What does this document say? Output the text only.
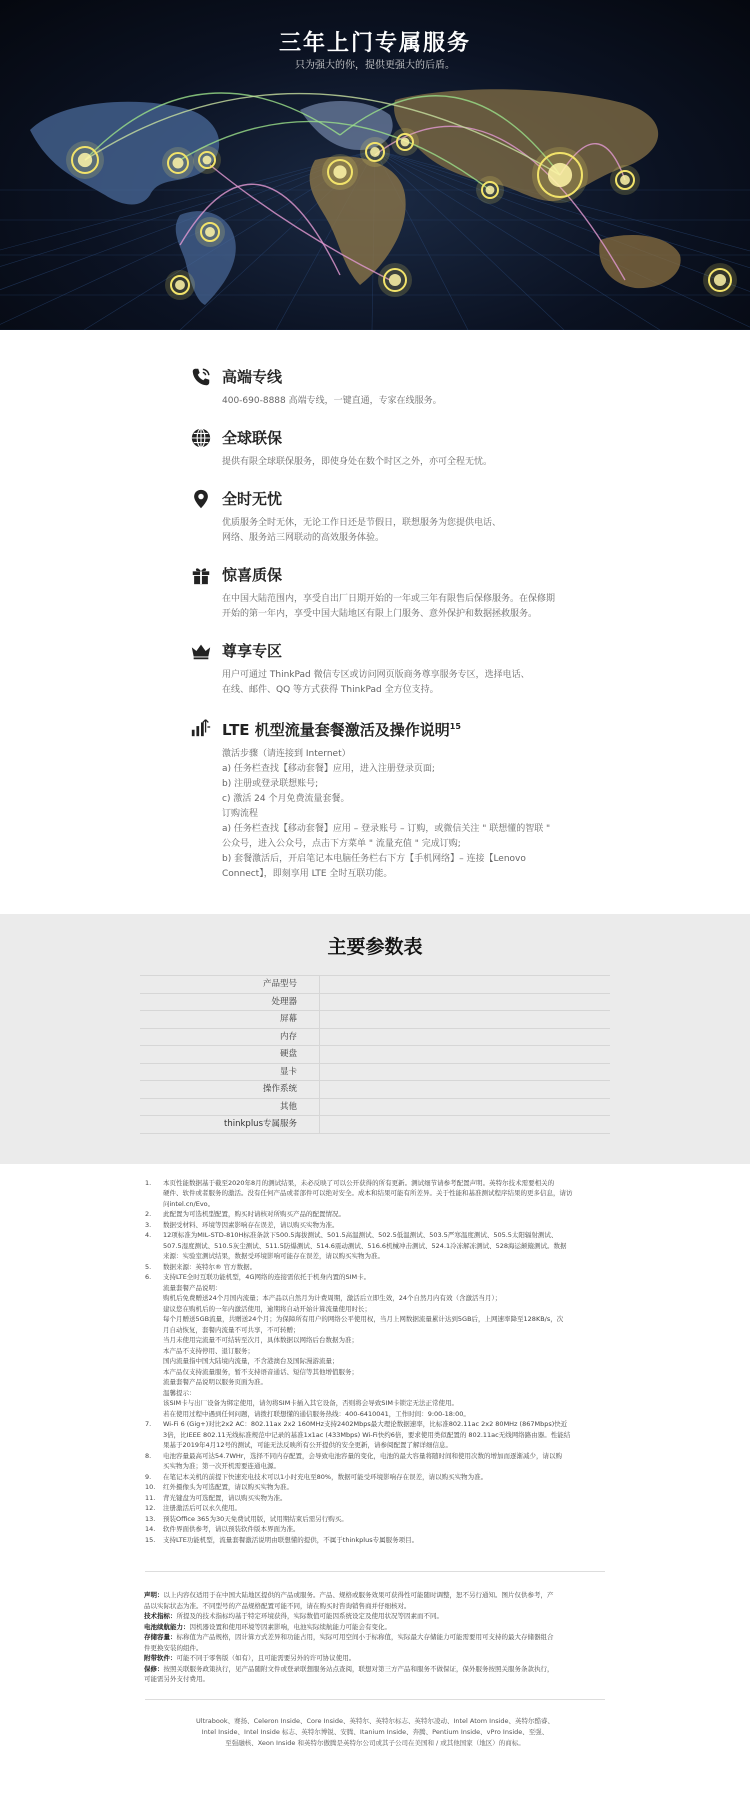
三年上门专属服务
只为强大的你，提供更强大的后盾。
高端专线
400-690-8888 高端专线，一键直通，专家在线服务。
全球联保
提供有限全球联保服务，即使身处在数个时区之外，亦可全程无忧。
全时无忧
优质服务全时无休，无论工作日还是节假日，联想服务为您提供电话、
网络、服务站三网联动的高效服务体验。
惊喜质保
在中国大陆范围内，享受自出厂日期开始的一年或三年有限售后保修服务。在保修期
开始的第一年内，享受中国大陆地区有限上门服务、意外保护和数据拯救服务。
尊享专区
用户可通过 ThinkPad 微信专区或访问网页版商务尊享服务专区，选择电话、
在线、邮件、QQ 等方式获得 ThinkPad 全方位支持。
LTE 机型流量套餐激活及操作说明$^{15}$
激活步骤（请连接到 Internet）
a) 任务栏查找【移动套餐】应用，进入注册登录页面;
b) 注册或登录联想账号;
c) 激活 24 个月免费流量套餐。
订购流程
a) 任务栏查找【移动套餐】应用 – 登录账号 – 订购，或微信关注 " 联想懂的智联 "
公众号，进入公众号，点击下方菜单 " 流量充值 " 完成订购;
b) 套餐激活后，开启笔记本电脑任务栏右下方【手机网络】– 连接【Lenovo
Connect】，即刻享用 LTE 全时互联功能。
主要参数表
产品型号
处理器
屏幕
内存
硬盘
显卡
操作系统
其他
thinkplus专属服务
1.	本页性能数据基于截至2020年8月的测试结果，未必反映了可以公开获得的所有更新。测试细节请参考配置声明。英特尔技术需要相关的
硬件、软件或者服务的激活。没有任何产品或者部件可以绝对安全。成本和结果可能有所差异。关于性能和基准测试程序结果的更多信息，请访
问intel.cn/Evo。
2.	此配置为可选机型配置，购买时请核对所购买产品的配置情况。
3.	数据受材料、环境等因素影响存在误差，请以购买实物为准。
4.	12项标准为MIL-STD-810H标准条款下500.5海拔测试、501.5高温测试、502.5低温测试、503.5严寒温度测试、505.5太阳辐射测试、
507.5湿度测试、510.5灰尘测试、511.5防爆测试、514.6震动测试、516.6机械冲击测试、524.1冷冻解冻测试、528海运颠簸测试。数据
来源：实验室测试结果，数据受环境影响可能存在误差，请以购买实物为准。
5.	数据来源：英特尔® 官方数据。
6.	支持LTE全时互联功能机型，4G网络的连接需依托于机身内置的SIM卡。
流量套餐产品说明：
购机后免费赠送24个月国内流量；本产品以自然月为计费周期，激活后立即生效，24个自然月内有效（含激活当月）；
建议您在购机后的一年内激活使用，逾期将自动开始计算流量使用时长；
每个月赠送5GB流量，共赠送24个月；为保障所有用户的网络公平使用权，当月上网数据流量累计达到5GB后，上网速率降至128KB/s，次
月自动恢复，套餐内流量不可共享，不可转赠；
当月未使用完流量不可结转至次月，具体数据以网络后台数据为准；
本产品不支持停用、退订服务；
国内流量指中国大陆境内流量，不含港澳台及国际漫游流量；
本产品仅支持流量服务，暂不支持语音通话、短信等其他增值服务；
流量套餐产品说明以服务页面为准。
温馨提示：
该SIM卡与出厂设备为绑定使用，请勿将SIM卡插入其它设备，否则将会导致SIM卡锁定无法正常使用。
若在使用过程中遇到任何问题，请拨打联想懂的通信服务热线：400-6410041，工作时间：9:00-18:00。
7.	Wi-Fi 6 (Gig+)对比2x2 AC：802.11ax 2x2 160MHz支持2402Mbps最大理论数据速率，比标准802.11ac 2x2 80MHz (867Mbps)快近
3倍，比IEEE 802.11无线标准规范中记录的基准1x1ac (433Mbps) Wi-Fi快约6倍，要求使用类似配置的 802.11ac无线网络路由器。性能结
果基于2019年4月12号的测试，可能无法反映所有公开提供的安全更新，请参阅配置了解详细信息。
8.	电池容量最高可达54.7WHr，选择不同内存配置，会导致电池容量的变化，电池的最大容量将随时间和使用次数的增加而逐渐减少，请以购
买实物为准；第一次开机需要连通电源。
9.	在笔记本关机的前提下快速充电技术可以1小时充电至80%，数据可能受环境影响存在误差，请以购买实物为准。
10.	红外摄像头为可选配置，请以购买实物为准。
11.	背光键盘为可选配置，请以购买实物为准。
12.	注册激活后可以永久使用。
13.	预装Office 365为30天免费试用版，试用期结束后需另行购买。
14.	软件界面供参考，请以预装软件版本界面为准。
15.	支持LTE功能机型，流量套餐激活说明由联想懂的提供，不属于thinkplus专属服务项目。
声明：以上内容仅适用于在中国大陆地区提供的产品或服务。产品、规格或服务效果可获得性可能随时调整，恕不另行通知。图片仅供参考，产
品以实际状态为准。不同型号的产品规格配置可能不同，请在购买时咨询销售商并仔细核对。
技术指标：所提及的技术指标均基于特定环境获得，实际数值可能因系统设定及使用状况等因素而不同。
电池续航能力：因机器设置和使用环境等因素影响，电池实际续航能力可能会有变化。
存储容量：标称值为产品规格，因计算方式差异和功能占用，实际可用空间小于标称值，实际最大存储能力可能需要用可支持的最大存储器组合
件更换安装的组件。
附带软件：可能不同于零售版（如有），且可能需要另外的许可协议使用。
保修：按照关联服务政策执行，见产品随附文件或登录联想服务站点查阅，联想对第三方产品和服务不做保证，保外服务按照关服务条款执行，
可能需另外支付费用。
Ultrabook、赛扬、Celeron Inside、Core Inside、英特尔、英特尔标志、英特尔凌动、Intel Atom Inside、英特尔酷睿、
Intel Inside、Intel Inside 标志、英特尔博锐、安腾、Itanium Inside、奔腾、Pentium Inside、vPro Inside、至强、
至强融核、Xeon Inside 和英特尔傲腾是英特尔公司或其子公司在美国和 / 或其他国家（地区）的商标。
